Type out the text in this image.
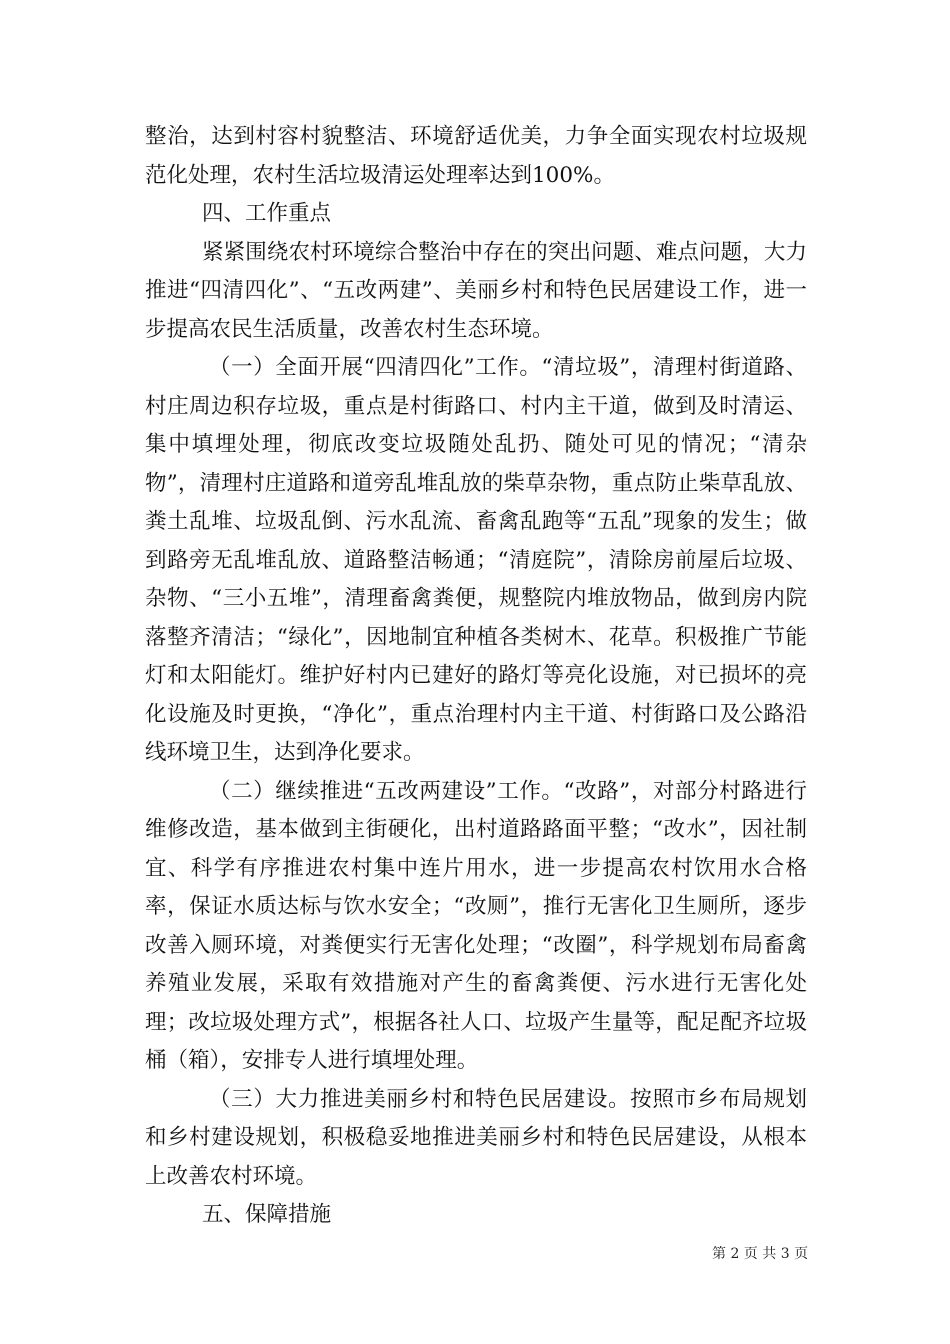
整治，达到村容村貌整洁、环境舒适优美，力争全面实现农村垃圾规范化处理，农村生活垃圾清运处理率达到100%。

四、工作重点

紧紧围绕农村环境综合整治中存在的突出问题、难点问题，大力推进“四清四化”、“五改两建”、美丽乡村和特色民居建设工作，进一步提高农民生活质量，改善农村生态环境。

（一）全面开展“四清四化”工作。“清垃圾”，清理村街道路、村庄周边积存垃圾，重点是村街路口、村内主干道，做到及时清运、集中填埋处理，彻底改变垃圾随处乱扔、随处可见的情况；“清杂物”，清理村庄道路和道旁乱堆乱放的柴草杂物，重点防止柴草乱放、粪土乱堆、垃圾乱倒、污水乱流、畜禽乱跑等“五乱”现象的发生；做到路旁无乱堆乱放、道路整洁畅通；“清庭院”，清除房前屋后垃圾、杂物、“三小五堆”，清理畜禽粪便，规整院内堆放物品，做到房内院落整齐清洁；“绿化”，因地制宜种植各类树木、花草。积极推广节能灯和太阳能灯。维护好村内已建好的路灯等亮化设施，对已损坏的亮化设施及时更换，“净化”，重点治理村内主干道、村街路口及公路沿线环境卫生，达到净化要求。

（二）继续推进“五改两建设”工作。“改路”，对部分村路进行维修改造，基本做到主街硬化，出村道路路面平整；“改水”，因社制宜、科学有序推进农村集中连片用水，进一步提高农村饮用水合格率，保证水质达标与饮水安全；“改厕”，推行无害化卫生厕所，逐步改善入厕环境，对粪便实行无害化处理；“改圈”，科学规划布局畜禽养殖业发展，采取有效措施对产生的畜禽粪便、污水进行无害化处理；改垃圾处理方式”，根据各社人口、垃圾产生量等，配足配齐垃圾桶（箱），安排专人进行填埋处理。

（三）大力推进美丽乡村和特色民居建设。按照市乡布局规划和乡村建设规划，积极稳妥地推进美丽乡村和特色民居建设，从根本上改善农村环境。

五、保障措施

第 2 页 共 3 页
